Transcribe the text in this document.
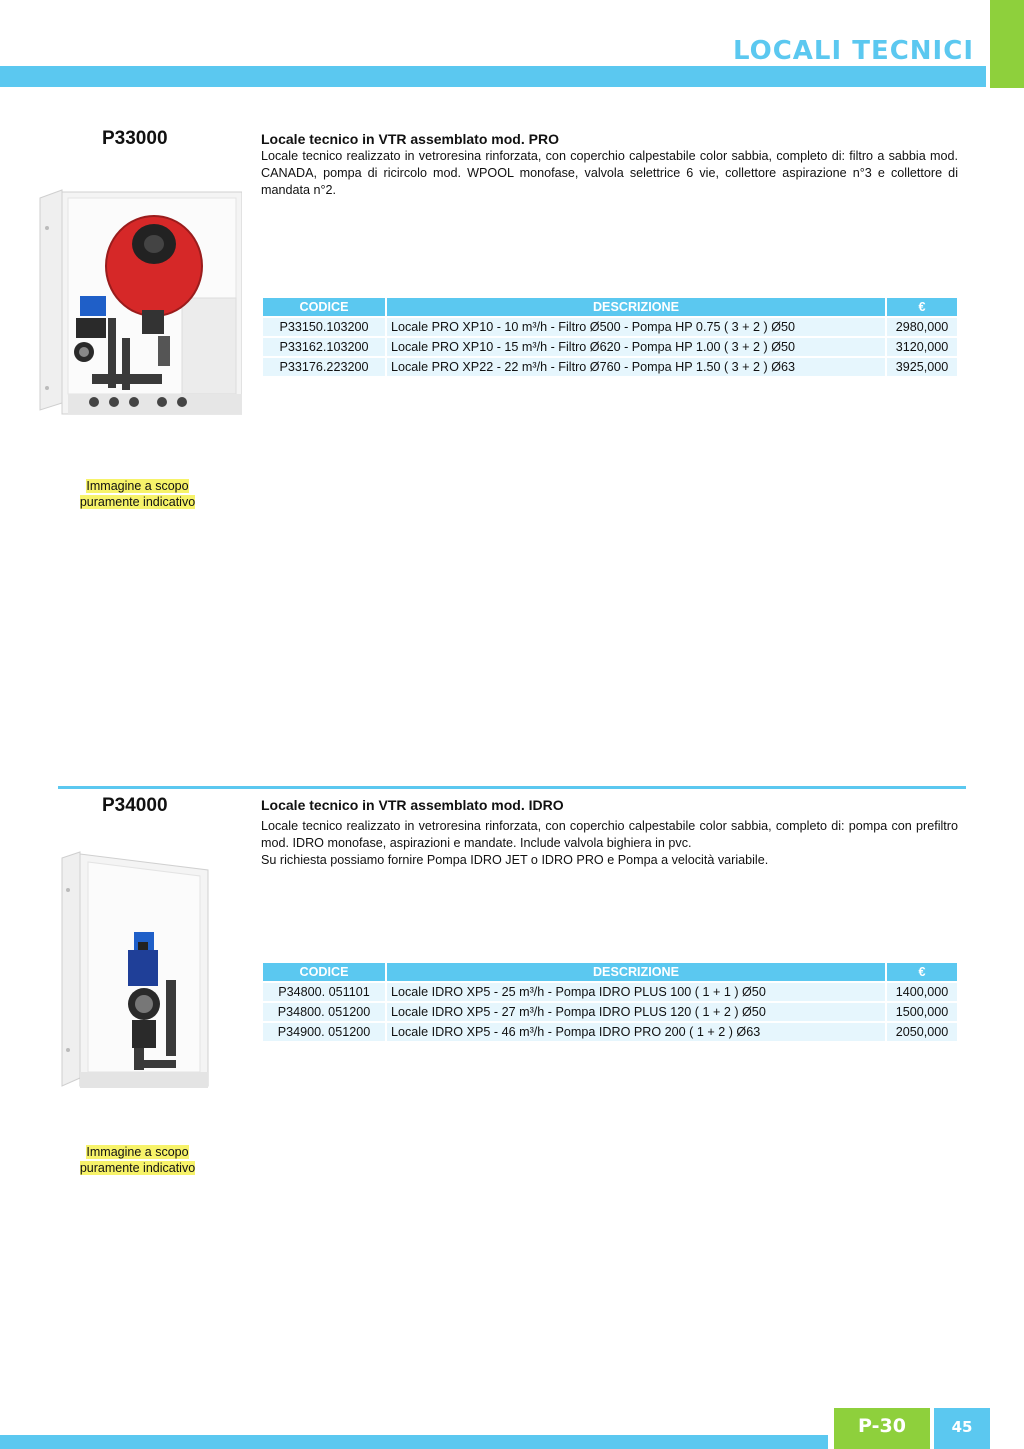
LOCALI TECNICI
P33000	Locale tecnico in VTR assemblato mod. PRO

Locale tecnico realizzato in vetroresina rinforzata, con coperchio calpestabile color sabbia, completo di: filtro a sabbia mod. CANADA, pompa di ricircolo mod. WPOOL monofase, valvola selettrice 6 vie, collettore aspirazione n°3 e collettore di mandata n°2.

CODICE	DESCRIZIONE	€
P33150.103200	Locale PRO XP10 - 10 m³/h - Filtro Ø500 - Pompa HP 0.75 ( 3 + 2 ) Ø50	2980,000
P33162.103200	Locale PRO XP10 - 15 m³/h - Filtro Ø620 - Pompa HP 1.00 ( 3 + 2 ) Ø50	3120,000
P33176.223200	Locale PRO XP22 - 22 m³/h - Filtro Ø760 - Pompa HP 1.50 ( 3 + 2 ) Ø63	3925,000
Immagine a scopo
puramente indicativo
P34000	Locale tecnico in VTR assemblato mod. IDRO

Locale tecnico realizzato in vetroresina rinforzata, con coperchio calpestabile color sabbia, completo di: pompa con prefiltro mod. IDRO monofase, aspirazioni e mandate. Include valvola bighiera in pvc.

Su richiesta possiamo fornire Pompa IDRO JET o IDRO PRO e Pompa a velocità variabile.

CODICE	DESCRIZIONE	€
P34800. 051101	Locale IDRO XP5 - 25 m³/h - Pompa IDRO PLUS 100 ( 1 + 1 ) Ø50	1400,000
P34800. 051200	Locale IDRO XP5 - 27 m³/h - Pompa IDRO PLUS 120 ( 1 + 2 ) Ø50	1500,000
P34900. 051200	Locale IDRO XP5 - 46 m³/h - Pompa IDRO PRO 200 ( 1 + 2 ) Ø63	2050,000
Immagine a scopo
puramente indicativo
P-30	45
